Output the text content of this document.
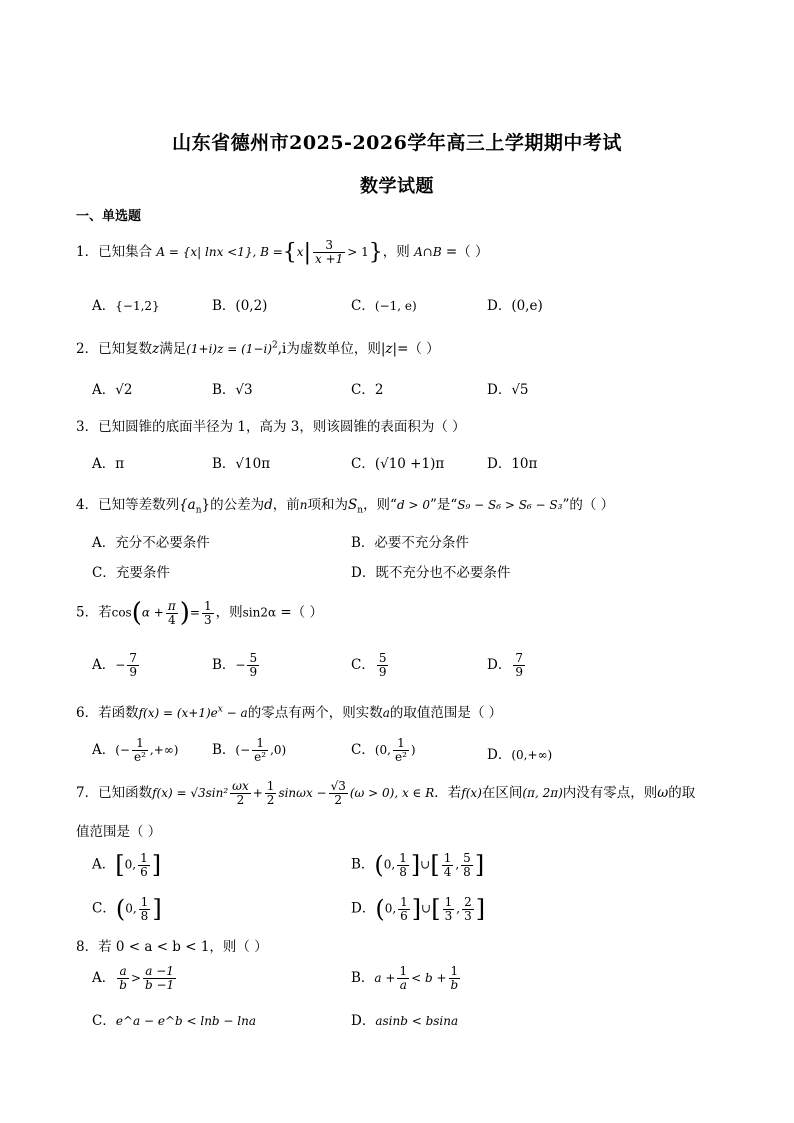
山东省德州市2025-2026学年高三上学期期中考试
数学试题
一、单选题
1．已知集合 A = {x| lnx <1}, $B =\{x| \frac{3}{x +1} > 1\}$，则 A∩B =（ ）
A．{−1,2}	B．(0,2)	C．(−1, e)	D．(0,e)
2．已知复数z满足$(1+i)z = (1-i)^2,i$为虚数单位，则|z|=（ ）
A．√2	B．√3	C．2	D．√5
3．已知圆锥的底面半径为 1，高为 3，则该圆锥的表面积为（ ）
A．π	B．√10π	C．(√10 +1)π	D．10π
4．已知等差数列$\{a_n\}$的公差为d，前n项和为$S_n$，则“d > 0”是“S₉ − S₆ > S₆ − S₃”的（ ）
A．充分不必要条件	B．必要不充分条件
C．充要条件	D．既不充分也不必要条件
5．若$\cos(\alpha + \frac{\pi}{4}$ )= $\frac{1}{3}$ ，则sin2α =（ ）
A．− $\frac{7}{9}$	B．− $\frac{5}{9}$	C． $\frac{5}{9}$	D． $\frac{7}{9}$
6．若函数$f(x) = (x+1)e^x - a$的零点有两个，则实数a的取值范围是（ ）
A．(− $\frac{1}{\text{e²}}$ ,+∞) B．(− $\frac{1}{\text{e²}} ,0$)	C．(0, $\frac{1}{\text{e²}}$ )	D．(0,+∞)
7．已知函数$f(x) = √3\sin^2 \frac{\omega x}{2} + \frac{1}{2}$ $\sin\omega x - \frac{√3}{2} (\omega > 0)$, x ∈ R．若f(x)在区间(π, 2π)内没有零点，则ω的取
值范围是（ ）
A．[0, $\frac{1}{6}$ ]	B．(0, $\frac{1}{8}$ ]∪[ $\frac{1}{4}$ , $\frac{5}{8}$ ]
C．(0, $\frac{1}{8}$ ]	D．(0, $\frac{1}{6}$ ]∪[ $\frac{1}{3}$ , $\frac{2}{3}$ ]
8．若 0 < a < b < 1，则（ ）
A． $\frac{a}{b} > \frac{a -1}{b -1}$	B．$a + \frac{1}{a} < b + \frac{1}{b}$
C．e^a − e^b < lnb − lna	D．asinb < bsina
